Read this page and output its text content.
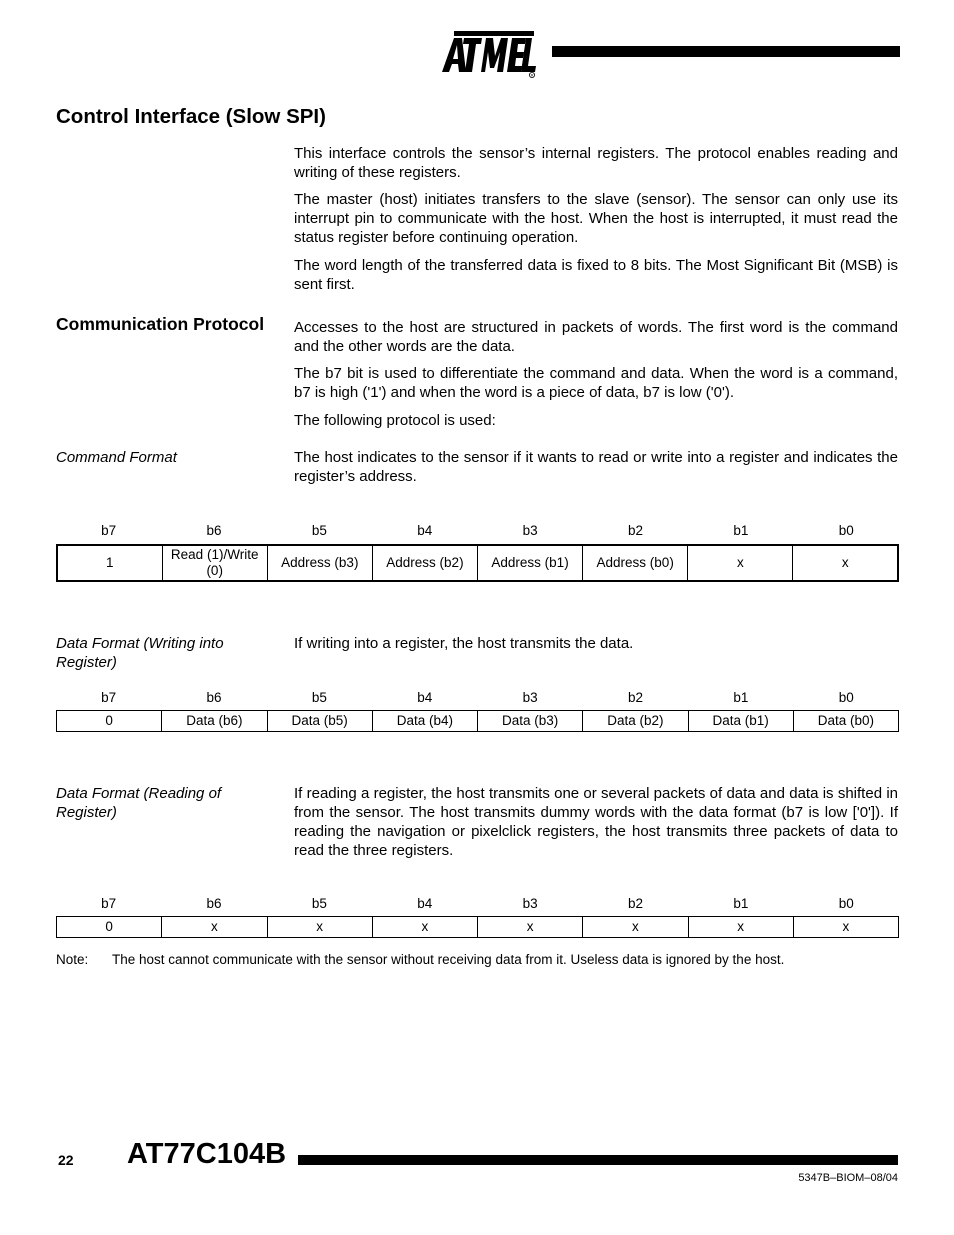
R
Control Interface (Slow SPI)
This interface controls the sensor’s internal registers. The protocol enables reading and writing of these registers.
The master (host) initiates transfers to the slave (sensor). The sensor can only use its interrupt pin to communicate with the host. When the host is interrupted, it must read the status register before continuing operation.
The word length of the transferred data is fixed to 8 bits. The Most Significant Bit (MSB) is sent first.
Communication Protocol Accesses to the host are structured in packets of words. The first word is the command and the other words are the data.
The b7 bit is used to differentiate the command and data. When the word is a command, b7 is high ('1') and when the word is a piece of data, b7 is low ('0').
The following protocol is used:
Command Format	The host indicates to the sensor if it wants to read or write into a register and indicates the register’s address.
b7	b6	b5	b4	b3	b2	b1	b0
1	Read (1)/Write (0)	Address (b3)	Address (b2)	Address (b1)	Address (b0)	x	x
Data Format (Writing into Register)
If writing into a register, the host transmits the data.
b7	b6	b5	b4	b3	b2	b1	b0
0	Data (b6)	Data (b5)	Data (b4)	Data (b3)	Data (b2)	Data (b1)	Data (b0)
Data Format (Reading of Register)
If reading a register, the host transmits one or several packets of data and data is shifted in from the sensor. The host transmits dummy words with the data format (b7 is low ['0']). If reading the navigation or pixelclick registers, the host transmits three packets of data to read the three registers.
b7	b6	b5	b4	b3	b2	b1	b0
0	x	x	x	x	x	x	x
Note: The host cannot communicate with the sensor without receiving data from it. Useless data is ignored by the host.
22 AT77C104B
5347B–BIOM–08/04
